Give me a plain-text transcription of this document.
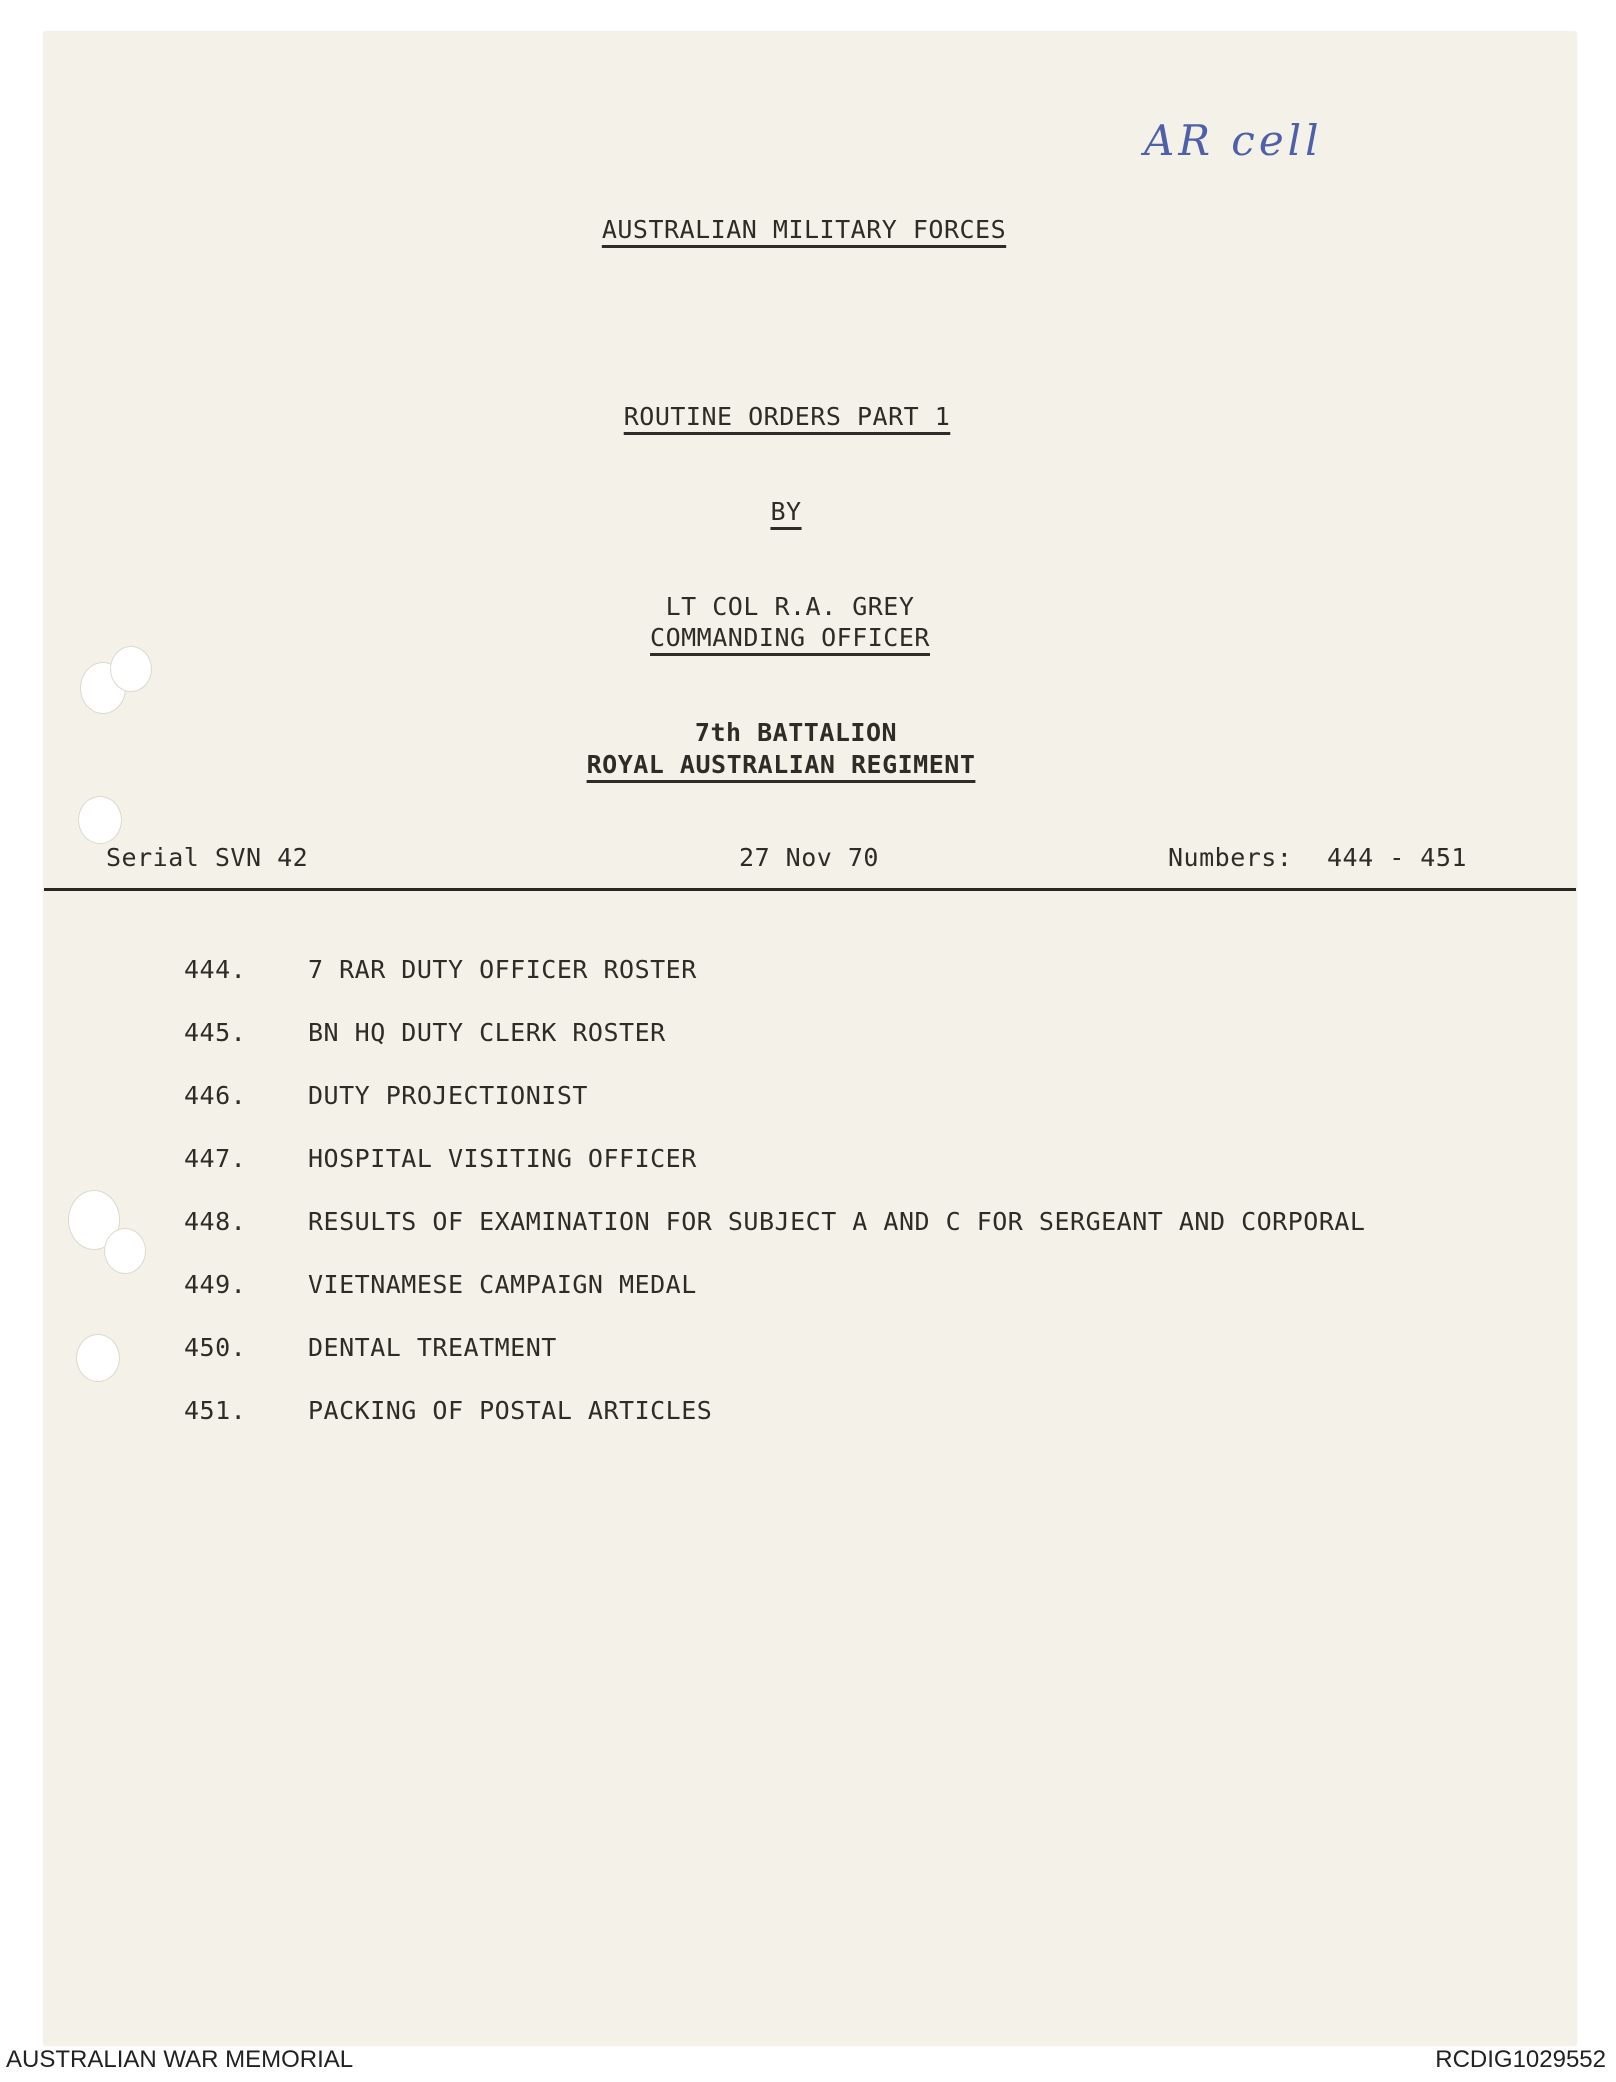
AR cell
AUSTRALIAN MILITARY FORCES
ROUTINE ORDERS PART 1
BY
LT COL R.A. GREY
COMMANDING OFFICER
7th BATTALION
ROYAL AUSTRALIAN REGIMENT
Serial SVN 42	27 Nov 70	Numbers: 444 - 451
444. 7 RAR DUTY OFFICER ROSTER
445. BN HQ DUTY CLERK ROSTER
446. DUTY PROJECTIONIST
447. HOSPITAL VISITING OFFICER
448. RESULTS OF EXAMINATION FOR SUBJECT A AND C FOR SERGEANT AND CORPORAL
449. VIETNAMESE CAMPAIGN MEDAL
450. DENTAL TREATMENT
451. PACKING OF POSTAL ARTICLES
AUSTRALIAN WAR MEMORIAL	RCDIG1029552
